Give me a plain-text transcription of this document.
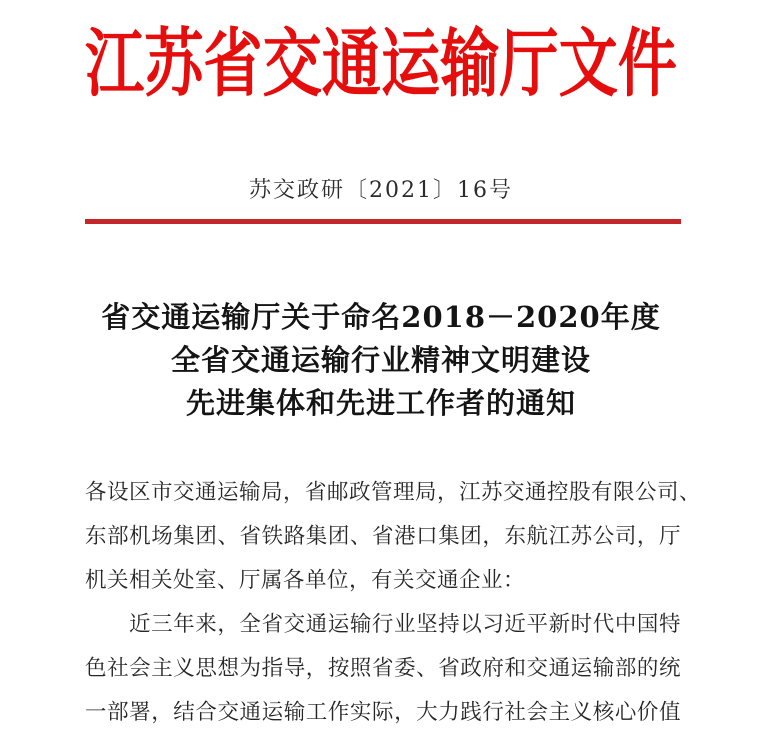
江苏省交通运输厅文件
苏交政研〔2021〕16号
省交通运输厅关于命名2018－2020年度
全省交通运输行业精神文明建设
先进集体和先进工作者的通知
各设区市交通运输局，省邮政管理局，江苏交通控股有限公司、
东部机场集团、省铁路集团、省港口集团，东航江苏公司，厅
机关相关处室、厅属各单位，有关交通企业：
近三年来，全省交通运输行业坚持以习近平新时代中国特
色社会主义思想为指导，按照省委、省政府和交通运输部的统
一部署，结合交通运输工作实际，大力践行社会主义核心价值
